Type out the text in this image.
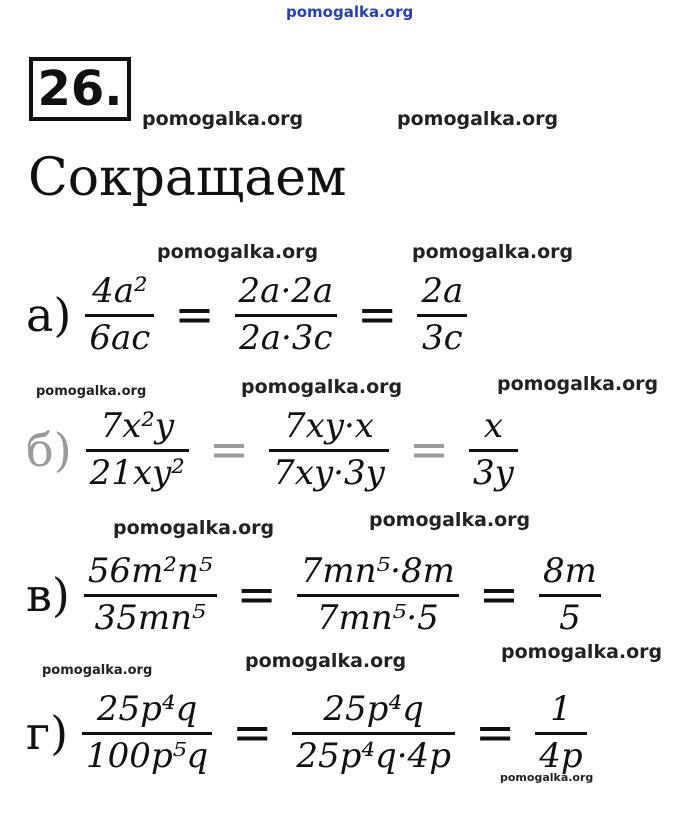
pomogalka.org
pomogalka.org	pomogalka.org
pomogalka.org	pomogalka.org
pomogalka.org	pomogalka.org	pomogalka.org
pomogalka.org	pomogalka.org
pomogalka.org	pomogalka.org	pomogalka.org
pomogalka.org
26.
Сокращаем
$а) \frac{\text{4a²}}{6ac} = \frac{2a\cdot 2a}{2a\cdot 3c} = \frac{2a}{3c}$
$б) \frac{\text{7x²y}}{\text{21xy²}} = \frac{7xy\cdot x}{7xy\cdot 3y} = \frac{x}{3y}$
$в) \frac{\text{56m²n⁵}}{\text{35mn⁵}} = \frac{\text{7mn⁵·8m}}{\text{7mn⁵·5}} = \frac{8m}{5}$
$г) \frac{\text{25p⁴q}}{\text{100p⁵q}} = \frac{\text{25p⁴q}}{\text{25p⁴q·4p}} = \frac{1}{4p}$
